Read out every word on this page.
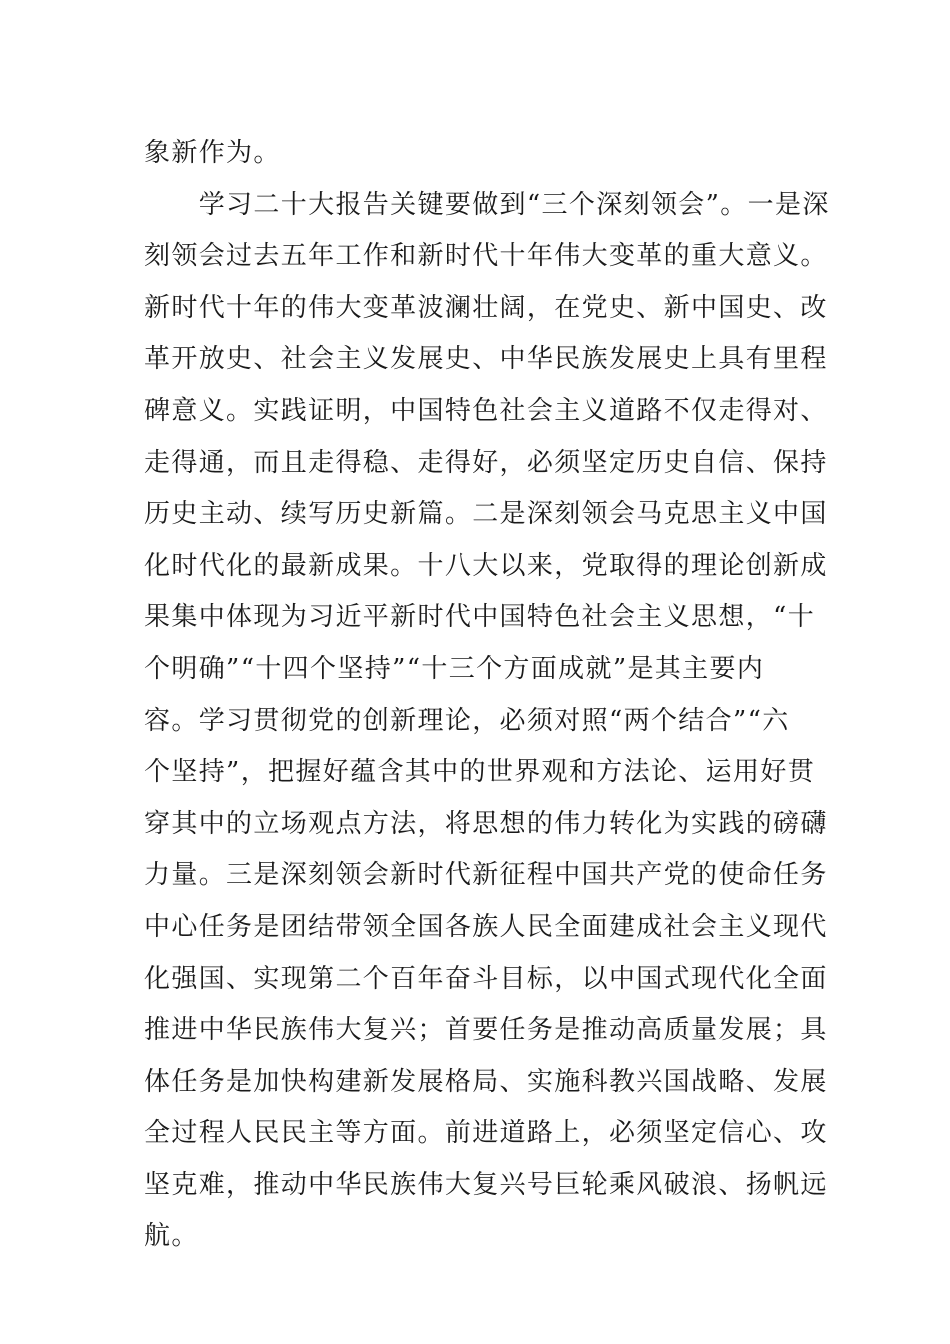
象新作为。
　　学习二十大报告关键要做到“三个深刻领会”。一是深
刻领会过去五年工作和新时代十年伟大变革的重大意义。
新时代十年的伟大变革波澜壮阔，在党史、新中国史、改
革开放史、社会主义发展史、中华民族发展史上具有里程
碑意义。实践证明，中国特色社会主义道路不仅走得对、
走得通，而且走得稳、走得好，必须坚定历史自信、保持
历史主动、续写历史新篇。二是深刻领会马克思主义中国
化时代化的最新成果。十八大以来，党取得的理论创新成
果集中体现为习近平新时代中国特色社会主义思想，“十
个明确”“十四个坚持”“十三个方面成就”是其主要内
容。学习贯彻党的创新理论，必须对照“两个结合”“六
个坚持”，把握好蕴含其中的世界观和方法论、运用好贯
穿其中的立场观点方法，将思想的伟力转化为实践的磅礴
力量。三是深刻领会新时代新征程中国共产党的使命任务
中心任务是团结带领全国各族人民全面建成社会主义现代
化强国、实现第二个百年奋斗目标，以中国式现代化全面
推进中华民族伟大复兴；首要任务是推动高质量发展；具
体任务是加快构建新发展格局、实施科教兴国战略、发展
全过程人民民主等方面。前进道路上，必须坚定信心、攻
坚克难，推动中华民族伟大复兴号巨轮乘风破浪、扬帆远
航。
